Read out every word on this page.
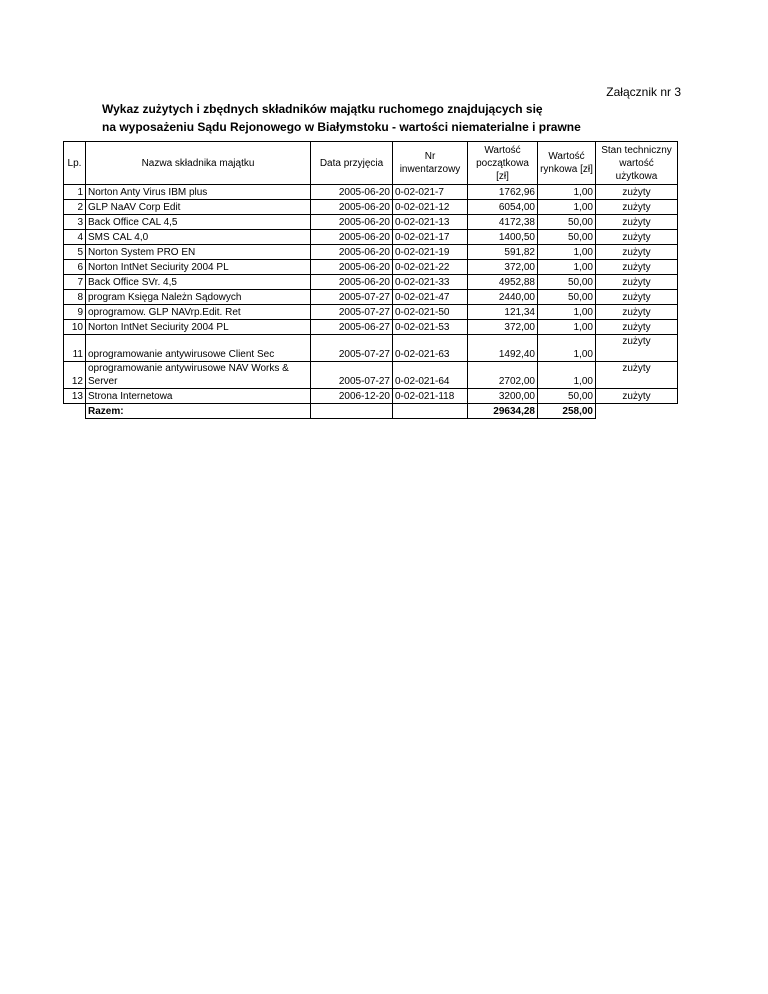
Załącznik nr 3
Wykaz zużytych i zbędnych składników majątku ruchomego znajdujących się
na wyposażeniu Sądu Rejonowego w Białymstoku - wartości niematerialne i prawne
Lp.	Nazwa składnika majątku	Data przyjęcia	Nr inwentarzowy	Wartość początkowa [zł]	Wartość rynkowa [zł]	Stan techniczny wartość użytkowa
1	Norton Anty Virus IBM plus	2005-06-20	0-02-021-7	1762,96	1,00	zużyty
2	GLP NaAV Corp Edit	2005-06-20	0-02-021-12	6054,00	1,00	zużyty
3	Back Office CAL 4,5	2005-06-20	0-02-021-13	4172,38	50,00	zużyty
4	SMS CAL 4,0	2005-06-20	0-02-021-17	1400,50	50,00	zużyty
5	Norton System PRO EN	2005-06-20	0-02-021-19	591,82	1,00	zużyty
6	Norton IntNet Seciurity 2004 PL	2005-06-20	0-02-021-22	372,00	1,00	zużyty
7	Back Office SVr. 4,5	2005-06-20	0-02-021-33	4952,88	50,00	zużyty
8	program Księga Należn Sądowych	2005-07-27	0-02-021-47	2440,00	50,00	zużyty
9	oprogramow. GLP NAVrp.Edit. Ret	2005-07-27	0-02-021-50	121,34	1,00	zużyty
10	Norton IntNet Seciurity 2004 PL	2005-06-27	0-02-021-53	372,00	1,00	zużyty
11	oprogramowanie antywirusowe Client Sec	2005-07-27	0-02-021-63	1492,40	1,00	zużyty
12	oprogramowanie antywirusowe NAV Works & Server	2005-07-27	0-02-021-64	2702,00	1,00	zużyty
13	Strona Internetowa	2006-12-20	0-02-021-118	3200,00	50,00	zużyty
	Razem:			29634,28	258,00	
